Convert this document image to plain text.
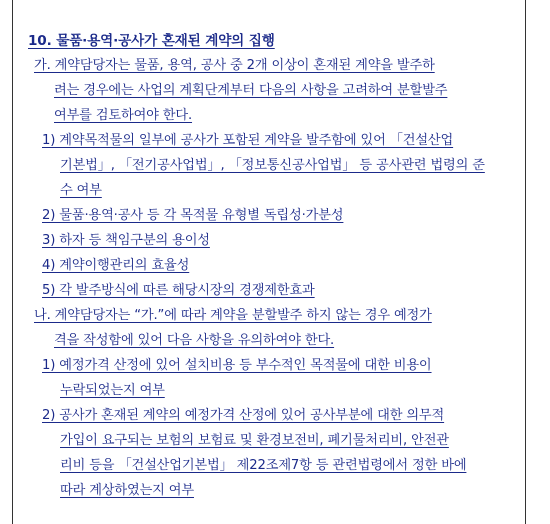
10. 물품·용역·공사가 혼재된 계약의 집행
가. 계약담당자는 물품, 용역, 공사 중 2개 이상이 혼재된 계약을 발주하
려는 경우에는 사업의 계획단계부터 다음의 사항을 고려하여 분할발주
여부를 검토하여야 한다.
1) 계약목적물의 일부에 공사가 포함된 계약을 발주함에 있어 「건설산업
기본법」, 「전기공사업법」, 「정보통신공사업법」 등 공사관련 법령의 준
수 여부
2) 물품·용역·공사 등 각 목적물 유형별 독립성·가분성
3) 하자 등 책임구분의 용이성
4) 계약이행관리의 효율성
5) 각 발주방식에 따른 해당시장의 경쟁제한효과
나. 계약담당자는 “가.”에 따라 계약을 분할발주 하지 않는 경우 예정가
격을 작성함에 있어 다음 사항을 유의하여야 한다.
1) 예정가격 산정에 있어 설치비용 등 부수적인 목적물에 대한 비용이
누락되었는지 여부
2) 공사가 혼재된 계약의 예정가격 산정에 있어 공사부분에 대한 의무적
가입이 요구되는 보험의 보험료 및 환경보전비, 폐기물처리비, 안전관
리비 등을 「건설산업기본법」 제22조제7항 등 관련법령에서 정한 바에
따라 계상하였는지 여부
